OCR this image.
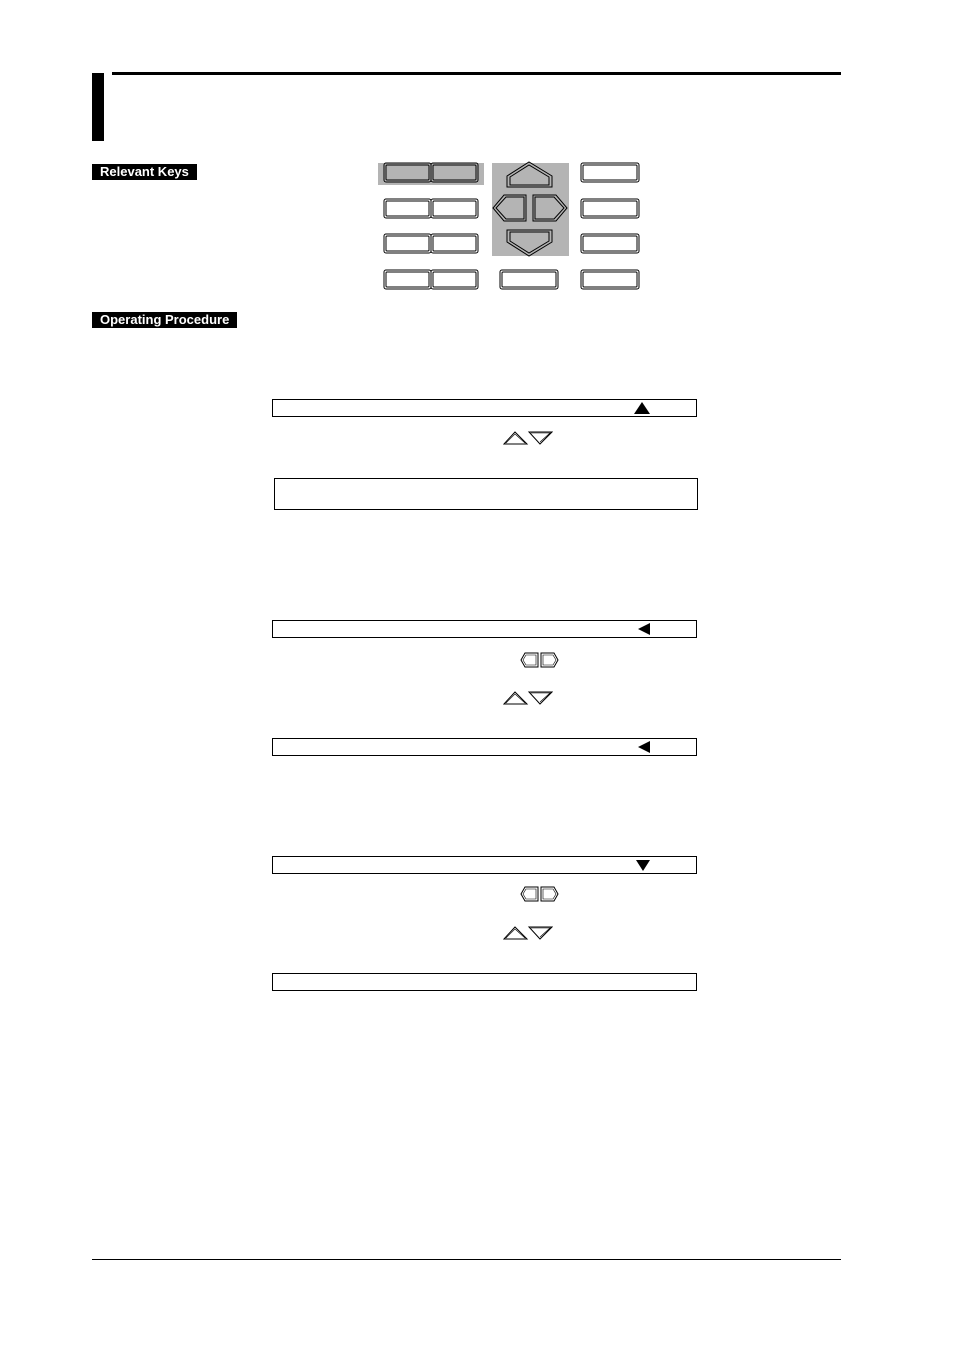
Relevant Keys
Operating Procedure
_
_
_
